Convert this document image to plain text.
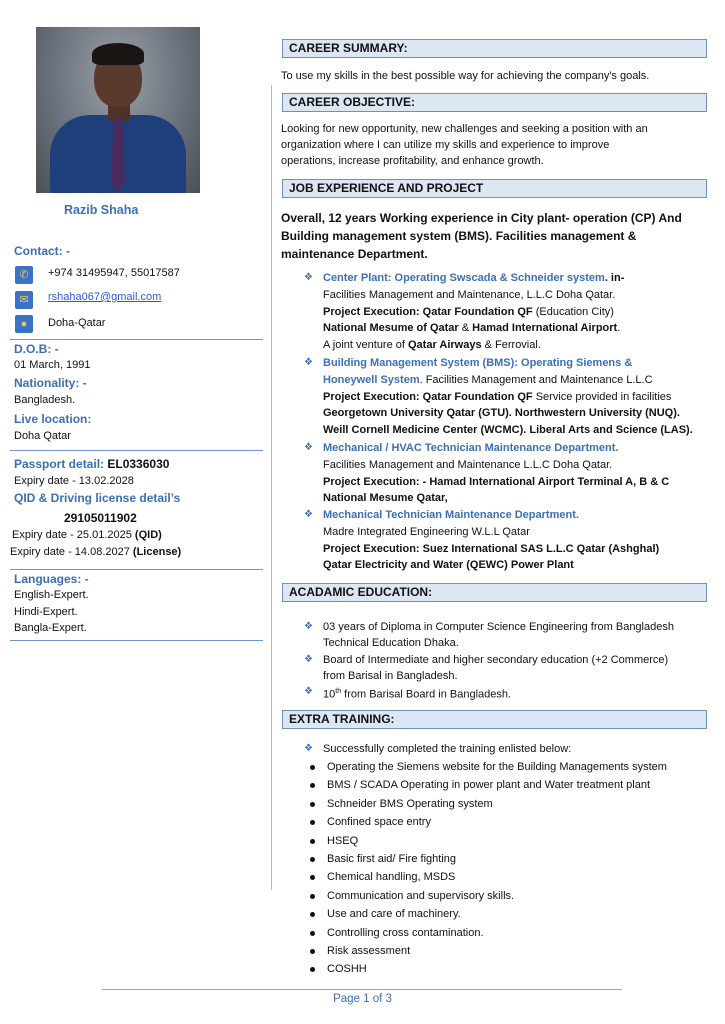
Razib Shaha
Contact: -
✆	+974 31495947, 55017587
✉	rshaha067@gmail.com
●	Doha-Qatar
D.O.B: -
01 March, 1991
Nationality: -
Bangladesh.
Live location:
Doha Qatar
Passport detail: EL0336030
Expiry date - 13.02.2028
QID & Driving license detail’s
29105011902
Expiry date - 25.01.2025 (QID)
Expiry date - 14.08.2027 (License)
Languages: -
English-Expert.
Hindi-Expert.
Bangla-Expert.
CAREER SUMMARY:
To use my skills in the best possible way for achieving the company's goals.
CAREER OBJECTIVE:
Looking for new opportunity, new challenges and seeking a position with an
organization where I can utilize my skills and experience to improve
operations, increase profitability, and enhance growth.
JOB EXPERIENCE AND PROJECT
Overall, 12 years Working experience in City plant- operation (CP) And
Building management system (BMS). Facilities management &
maintenance Department.
❖ Center Plant: Operating Swscada & Schneider system. in-
Facilities Management and Maintenance, L.L.C Doha Qatar.
Project Execution: Qatar Foundation QF (Education City)
National Mesume of Qatar & Hamad International Airport.
A joint venture of Qatar Airways & Ferrovial.
❖ Building Management System (BMS): Operating Siemens &
Honeywell System. Facilities Management and Maintenance L.L.C
Project Execution: Qatar Foundation QF Service provided in facilities
Georgetown University Qatar (GTU). Northwestern University (NUQ).
Weill Cornell Medicine Center (WCMC). Liberal Arts and Science (LAS).
❖ Mechanical / HVAC Technician Maintenance Department.
Facilities Management and Maintenance L.L.C Doha Qatar.
Project Execution: - Hamad International Airport Terminal A, B & C
National Mesume Qatar,
❖ Mechanical Technician Maintenance Department.
Madre Integrated Engineering W.L.L Qatar
Project Execution: Suez International SAS L.L.C Qatar (Ashghal)
Qatar Electricity and Water (QEWC) Power Plant
ACADAMIC EDUCATION:
❖ 03 years of Diploma in Computer Science Engineering from Bangladesh
Technical Education Dhaka.
❖ Board of Intermediate and higher secondary education (+2 Commerce)
from Barisal in Bangladesh.
❖ 10th from Barisal Board in Bangladesh.
EXTRA TRAINING:
❖ Successfully completed the training enlisted below:
Operating the Siemens website for the Building Managements system
BMS / SCADA Operating in power plant and Water treatment plant
Schneider BMS Operating system
Confined space entry
HSEQ
Basic first aid/ Fire fighting
Chemical handling, MSDS
Communication and supervisory skills.
Use and care of machinery.
Controlling cross contamination.
Risk assessment
COSHH
Page 1 of 3
